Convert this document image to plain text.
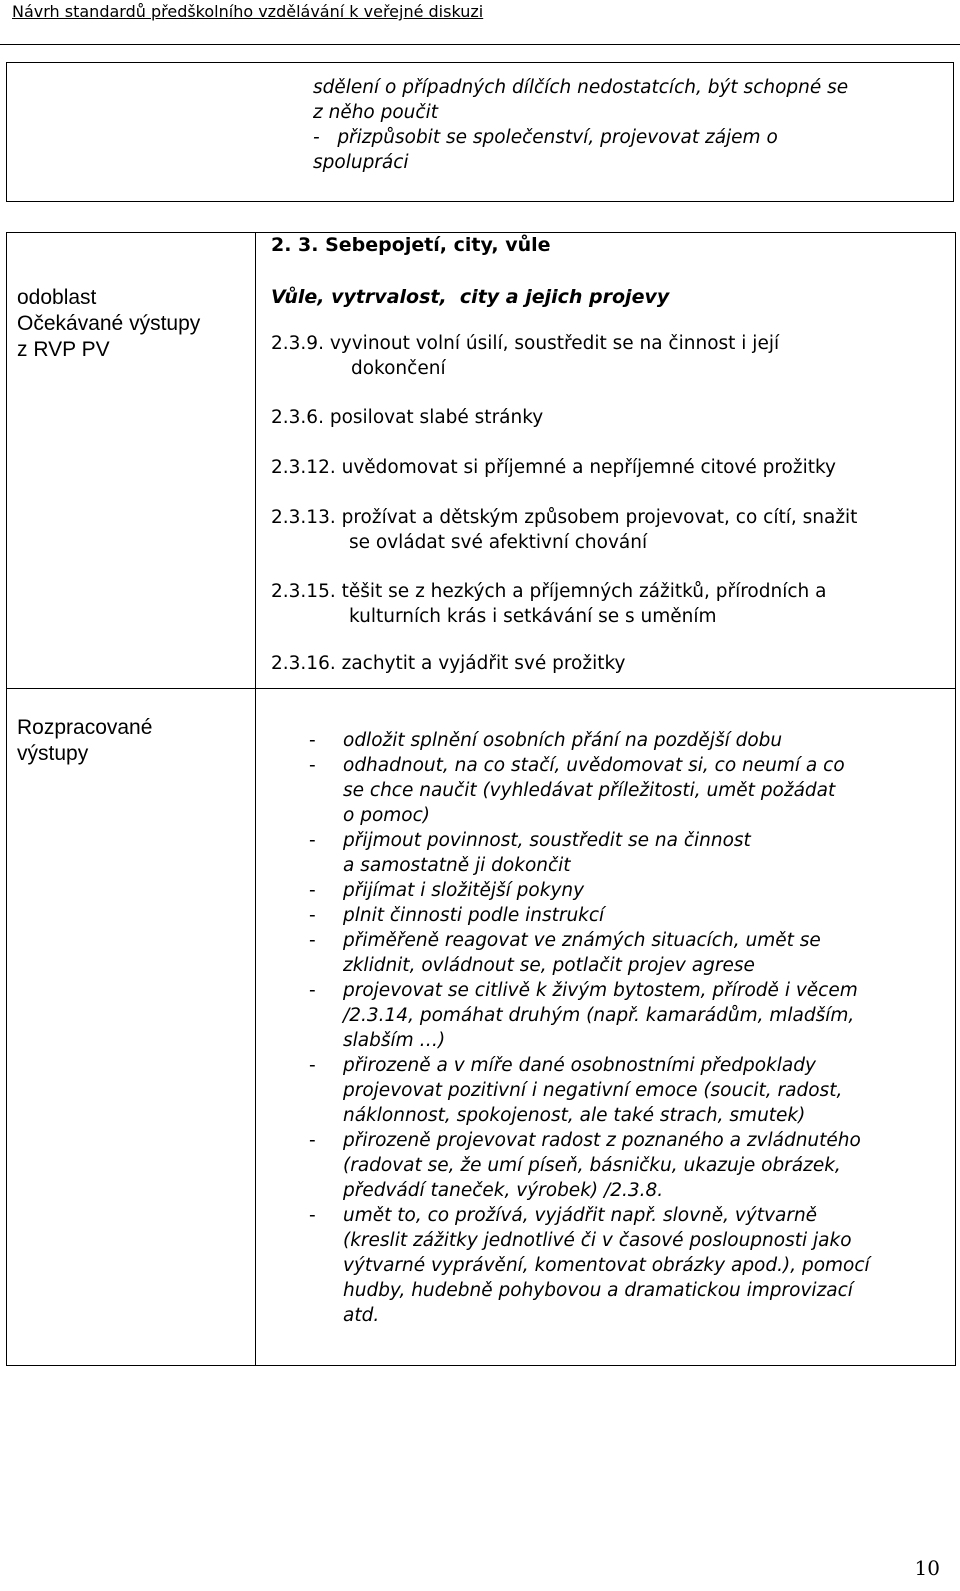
Návrh standardů předškolního vzdělávání k veřejné diskuzi
sdělení o případných dílčích nedostatcích, být schopné se
z něho poučit
-   přizpůsobit se společenství, projevovat zájem o
spolupráci
odoblast
Očekávané výstupy
z RVP PV
Rozpracované
výstupy
2. 3. Sebepojetí, city, vůle
Vůle, vytrvalost,  city a jejich projevy
2.3.9. vyvinout volní úsilí, soustředit se na činnost i její
dokončení
2.3.6. posilovat slabé stránky
2.3.12. uvědomovat si příjemné a nepříjemné citové prožitky
2.3.13. prožívat a dětským způsobem projevovat, co cítí, snažit
se ovládat své afektivní chování
2.3.15. těšit se z hezkých a příjemných zážitků, přírodních a
kulturních krás i setkávání se s uměním
2.3.16. zachytit a vyjádřit své prožitky
- odložit splnění osobních přání na pozdější dobu
- odhadnout, na co stačí, uvědomovat si, co neumí a co
se chce naučit (vyhledávat příležitosti, umět požádat
o pomoc)
- přijmout povinnost, soustředit se na činnost
a samostatně ji dokončit
- přijímat i složitější pokyny
- plnit činnosti podle instrukcí
- přiměřeně reagovat ve známých situacích, umět se
zklidnit, ovládnout se, potlačit projev agrese
- projevovat se citlivě k živým bytostem, přírodě i věcem
/2.3.14, pomáhat druhým (např. kamarádům, mladším,
slabším …)
- přirozeně a v míře dané osobnostními předpoklady
projevovat pozitivní i negativní emoce (soucit, radost,
náklonnost, spokojenost, ale také strach, smutek)
- přirozeně projevovat radost z poznaného a zvládnutého
(radovat se, že umí píseň, básničku, ukazuje obrázek,
předvádí taneček, výrobek) /2.3.8.
- umět to, co prožívá, vyjádřit např. slovně, výtvarně
(kreslit zážitky jednotlivé či v časové posloupnosti jako
výtvarné vyprávění, komentovat obrázky apod.), pomocí
hudby, hudebně pohybovou a dramatickou improvizací
atd.
10
